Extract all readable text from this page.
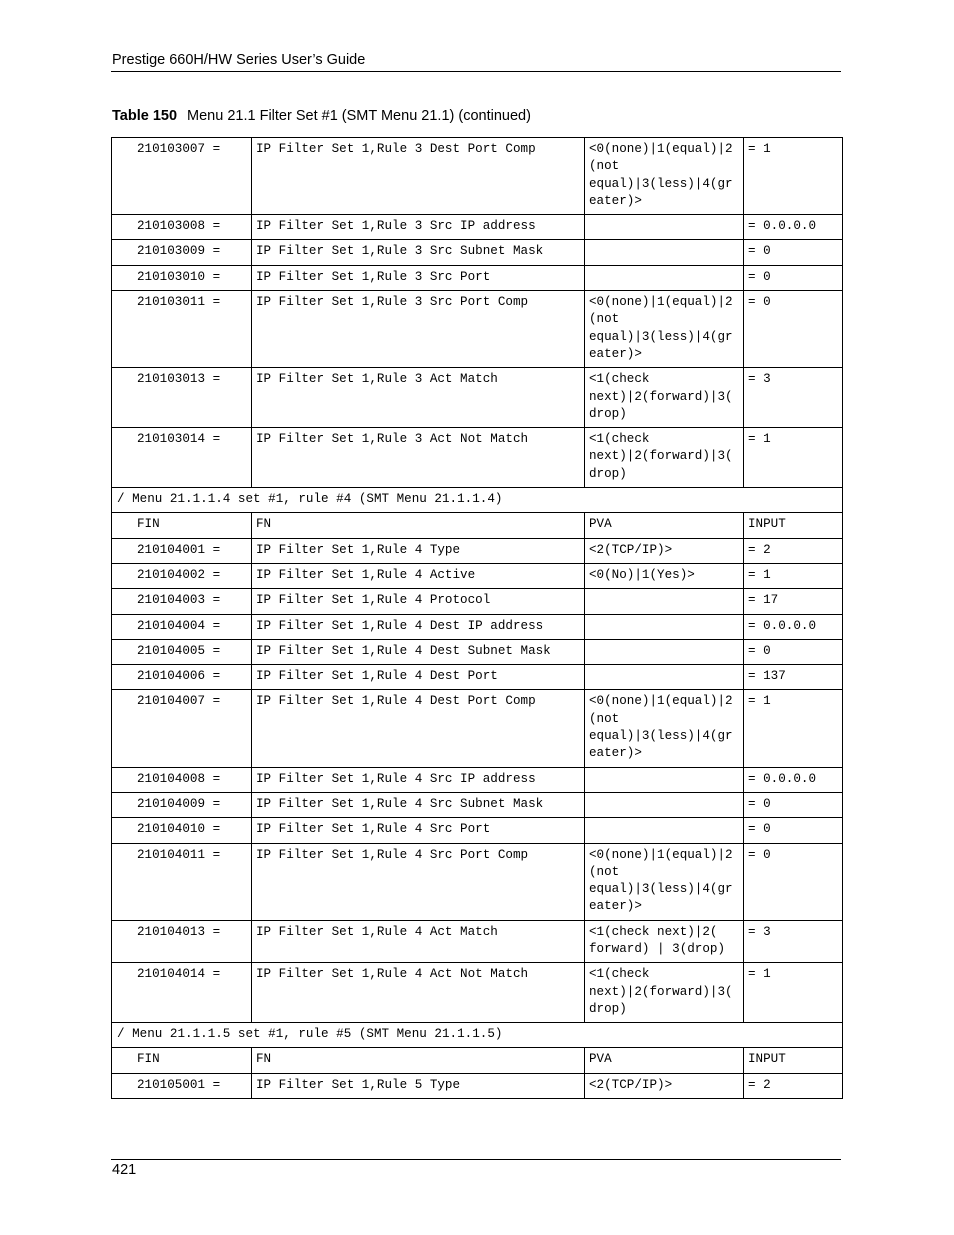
Prestige 660H/HW Series User’s Guide
Table 150 Menu 21.1 Filter Set #1 (SMT Menu 21.1) (continued)
210103007 =	IP Filter Set 1,Rule 3 Dest Port Comp	<0(none)|1(equal)|2(not equal)|3(less)|4(greater)>	= 1
210103008 =	IP Filter Set 1,Rule 3 Src IP address		= 0.0.0.0
210103009 =	IP Filter Set 1,Rule 3 Src Subnet Mask		= 0
210103010 =	IP Filter Set 1,Rule 3 Src Port		= 0
210103011 =	IP Filter Set 1,Rule 3 Src Port Comp	<0(none)|1(equal)|2(not equal)|3(less)|4(greater)>	= 0
210103013 =	IP Filter Set 1,Rule 3 Act Match	<1(check next)|2(forward)|3(drop)	= 3
210103014 =	IP Filter Set 1,Rule 3 Act Not Match	<1(check next)|2(forward)|3(drop)	= 1
/ Menu 21.1.1.4 set #1, rule #4 (SMT Menu 21.1.1.4)			
FIN	FN	PVA	INPUT
210104001 =	IP Filter Set 1,Rule 4 Type	<2(TCP/IP)>	= 2
210104002 =	IP Filter Set 1,Rule 4 Active	<0(No)|1(Yes)>	= 1
210104003 =	IP Filter Set 1,Rule 4 Protocol		= 17
210104004 =	IP Filter Set 1,Rule 4 Dest IP address		= 0.0.0.0
210104005 =	IP Filter Set 1,Rule 4 Dest Subnet Mask		= 0
210104006 =	IP Filter Set 1,Rule 4 Dest Port		= 137
210104007 =	IP Filter Set 1,Rule 4 Dest Port Comp	<0(none)|1(equal)|2(not equal)|3(less)|4(greater)>	= 1
210104008 =	IP Filter Set 1,Rule 4 Src IP address		= 0.0.0.0
210104009 =	IP Filter Set 1,Rule 4 Src Subnet Mask		= 0
210104010 =	IP Filter Set 1,Rule 4 Src Port		= 0
210104011 =	IP Filter Set 1,Rule 4 Src Port Comp	<0(none)|1(equal)|2(not equal)|3(less)|4(greater)>	= 0
210104013 =	IP Filter Set 1,Rule 4 Act Match	<1(check next)|2( forward) | 3(drop)	= 3
210104014 =	IP Filter Set 1,Rule 4 Act Not Match	<1(check next)|2(forward)|3(drop)	= 1
/ Menu 21.1.1.5 set #1, rule #5 (SMT Menu 21.1.1.5)			
FIN	FN	PVA	INPUT
210105001 =	IP Filter Set 1,Rule 5 Type	<2(TCP/IP)>	= 2
421
